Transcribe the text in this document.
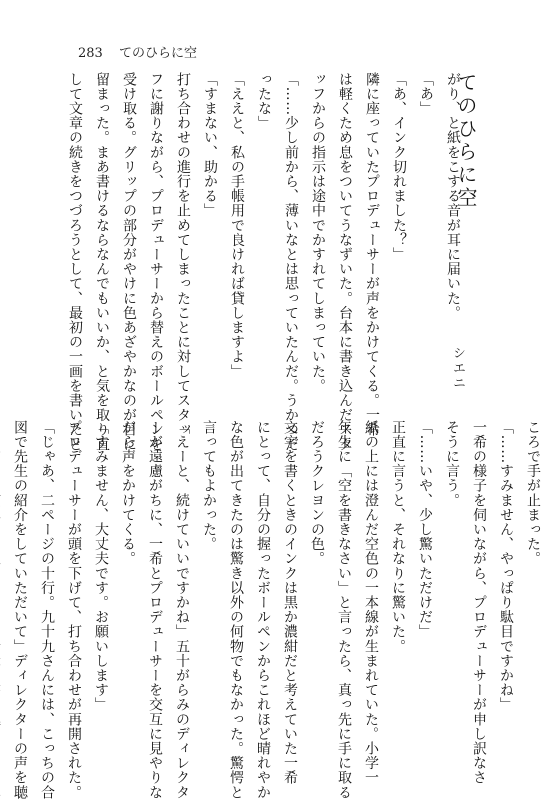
283 てのひらに空
てのひらに空
シエニ
がり、と紙をこする音が耳に届いた。
「あ」
「あ、インク切れました？」
隣に座っていたプロデューサーが声をかけてくる。一希
は軽くため息をついてうなずいた。台本に書き込んだスタ
ッフからの指示は途中でかすれてしまっていた。
「……少し前から、薄いなとは思っていたんだ。うかつだ
ったな」
「ええと、私の手帳用で良ければ貸しますよ」
「すまない、助かる」
打ち合わせの進行を止めてしまったことに対してスタッ
フに謝りながら、プロデューサーから替えのボールペンを
受け取る。グリップの部分がやけに色あざやかなのが目に
留まった。まあ書けるならなんでもいいか、と気を取り直
して文章の続きをつづろうとして、最初の一画を書いたと
ころで手が止まった。
「……すみません、やっぱり駄目ですかね」
一希の様子を伺いながら、プロデューサーが申し訳なさ
そうに言う。
「……いや、少し驚いただけだ」
正直に言うと、それなりに驚いた。
紙の上には澄んだ空色の一本線が生まれていた。小学一
年生に「空を書きなさい」と言ったら、真っ先に手に取る
だろうクレヨンの色。
文字を書くときのインクは黒か濃紺だと考えていた一希
にとって、自分の握ったボールペンからこれほど晴れやか
な色が出てきたのは驚き以外の何物でもなかった。驚愕と
言ってもよかった。
「えーと、続けていいですかね」五十がらみのディレクタ
ーが遠慮がちに、一希とプロデューサーを交互に見やりな
がら声をかけてくる。
「すみません、大丈夫です。お願いします」
プロデューサーが頭を下げて、打ち合わせが再開された。
「じゃあ、二ページの十行。九十九さんには、こっちの合
図で先生の紹介をしていただいて」ディレクターの声を聴
